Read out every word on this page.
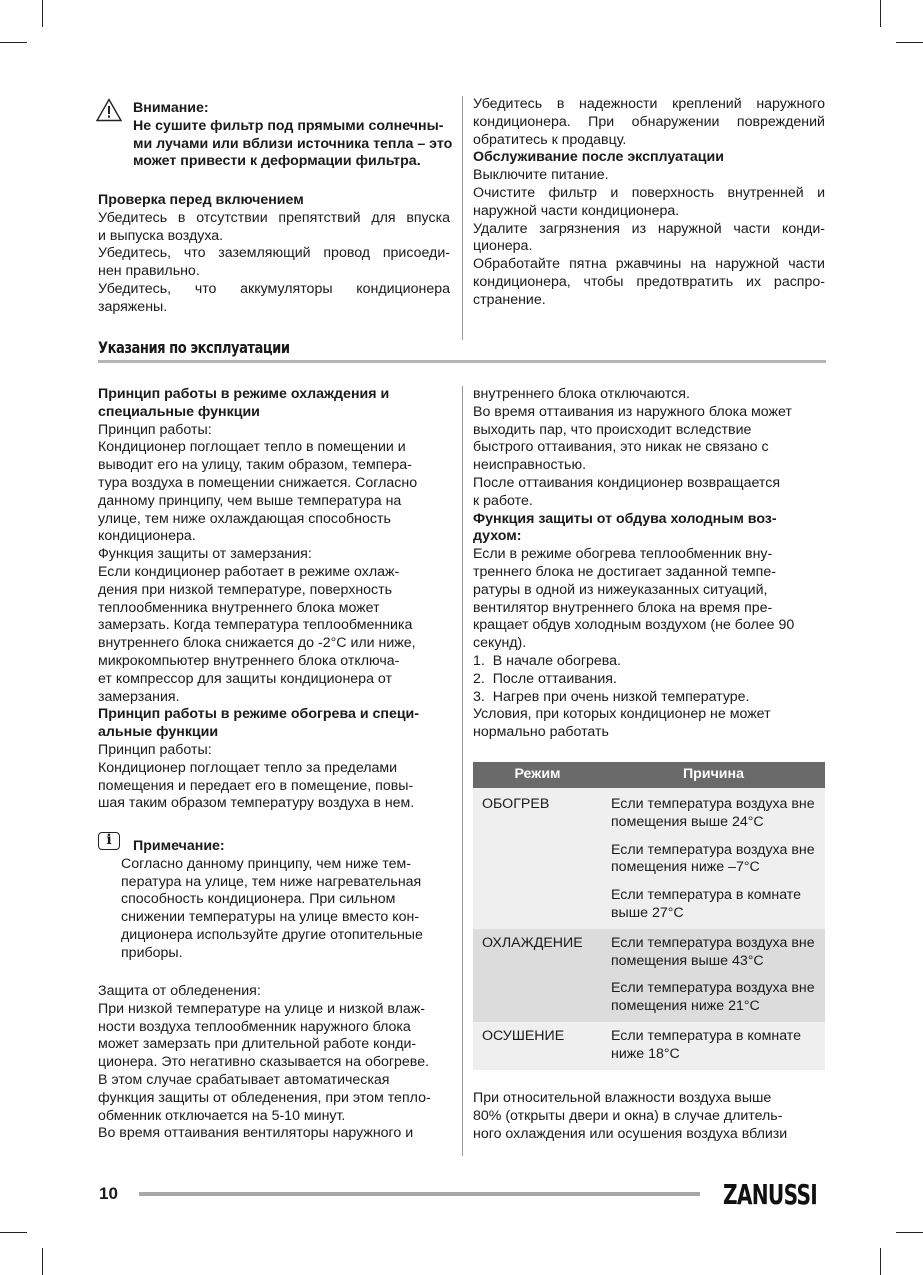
Внимание:

Не сушите фильтр под прямыми солнечны-

ми лучами или вблизи источника тепла – это

может привести к деформации фильтра.

Проверка перед включением

Убедитесь в отсутствии препятствий для впуска

и выпуска воздуха.

Убедитесь, что заземляющий провод присоеди-

нен правильно.

Убедитесь, что аккумуляторы кондиционера

заряжены.

Убедитесь в надежности креплений наружного

кондиционера. При обнаружении повреждений

обратитесь к продавцу.

Обслуживание после эксплуатации

Выключите питание.

Очистите фильтр и поверхность внутренней и

наружной части кондиционера.

Удалите загрязнения из наружной части конди-

ционера.

Обработайте пятна ржавчины на наружной части

кондиционера, чтобы предотвратить их распро-

странение.

Указания по эксплуатации

Принцип работы в режиме охлаждения и

специальные функции

Принцип работы:

Кондиционер поглощает тепло в помещении и

выводит его на улицу, таким образом, темпера-

тура воздуха в помещении снижается. Согласно

данному принципу, чем выше температура на

улице, тем ниже охлаждающая способность

кондиционера.

Функция защиты от замерзания:

Если кондиционер работает в режиме охлаж-

дения при низкой температуре, поверхность

теплообменника внутреннего блока может

замерзать. Когда температура теплообменника

внутреннего блока снижается до -2°C или ниже,

микрокомпьютер внутреннего блока отключа-

ет компрессор для защиты кондиционера от

замерзания.

Принцип работы в режиме обогрева и специ-

альные функции

Принцип работы:

Кондиционер поглощает тепло за пределами

помещения и передает его в помещение, повы-

шая таким образом температуру воздуха в нем.

i	Примечание:

Согласно данному принципу, чем ниже тем-

пература на улице, тем ниже нагревательная

способность кондиционера. При сильном

снижении температуры на улице вместо кон-

диционера используйте другие отопительные

приборы.

Защита от обледенения:

При низкой температуре на улице и низкой влаж-

ности воздуха теплообменник наружного блока

может замерзать при длительной работе конди-

ционера. Это негативно сказывается на обогреве.

В этом случае срабатывает автоматическая

функция защиты от обледенения, при этом тепло-

обменник отключается на 5-10 минут.

Во время оттаивания вентиляторы наружного и

внутреннего блока отключаются.

Во время оттаивания из наружного блока может

выходить пар, что происходит вследствие

быстрого оттаивания, это никак не связано с

неисправностью.

После оттаивания кондиционер возвращается

к работе.

Функция защиты от обдува холодным воз-

духом:

Если в режиме обогрева теплообменник вну-

треннего блока не достигает заданной темпе-

ратуры в одной из нижеуказанных ситуаций,

вентилятор внутреннего блока на время пре-

кращает обдув холодным воздухом (не более 90

секунд).

1.  В начале обогрева.

2.  После оттаивания.

3.  Нагрев при очень низкой температуре.

Условия, при которых кондиционер не может

нормально работать

Режим	Причина
ОБОГРЕВ	Если температура воздуха вне помещения выше 24°C
	Если температура воздуха вне помещения ниже –7°C
	Если температура в комнате выше 27°C
ОХЛАЖДЕНИЕ	Если температура воздуха вне помещения выше 43°C
	Если температура воздуха вне помещения ниже 21°C
ОСУШЕНИЕ	Если температура в комнате ниже 18°C

При относительной влажности воздуха выше

80% (открыты двери и окна) в случае длитель-

ного охлаждения или осушения воздуха вблизи

10	ZANUSSI
